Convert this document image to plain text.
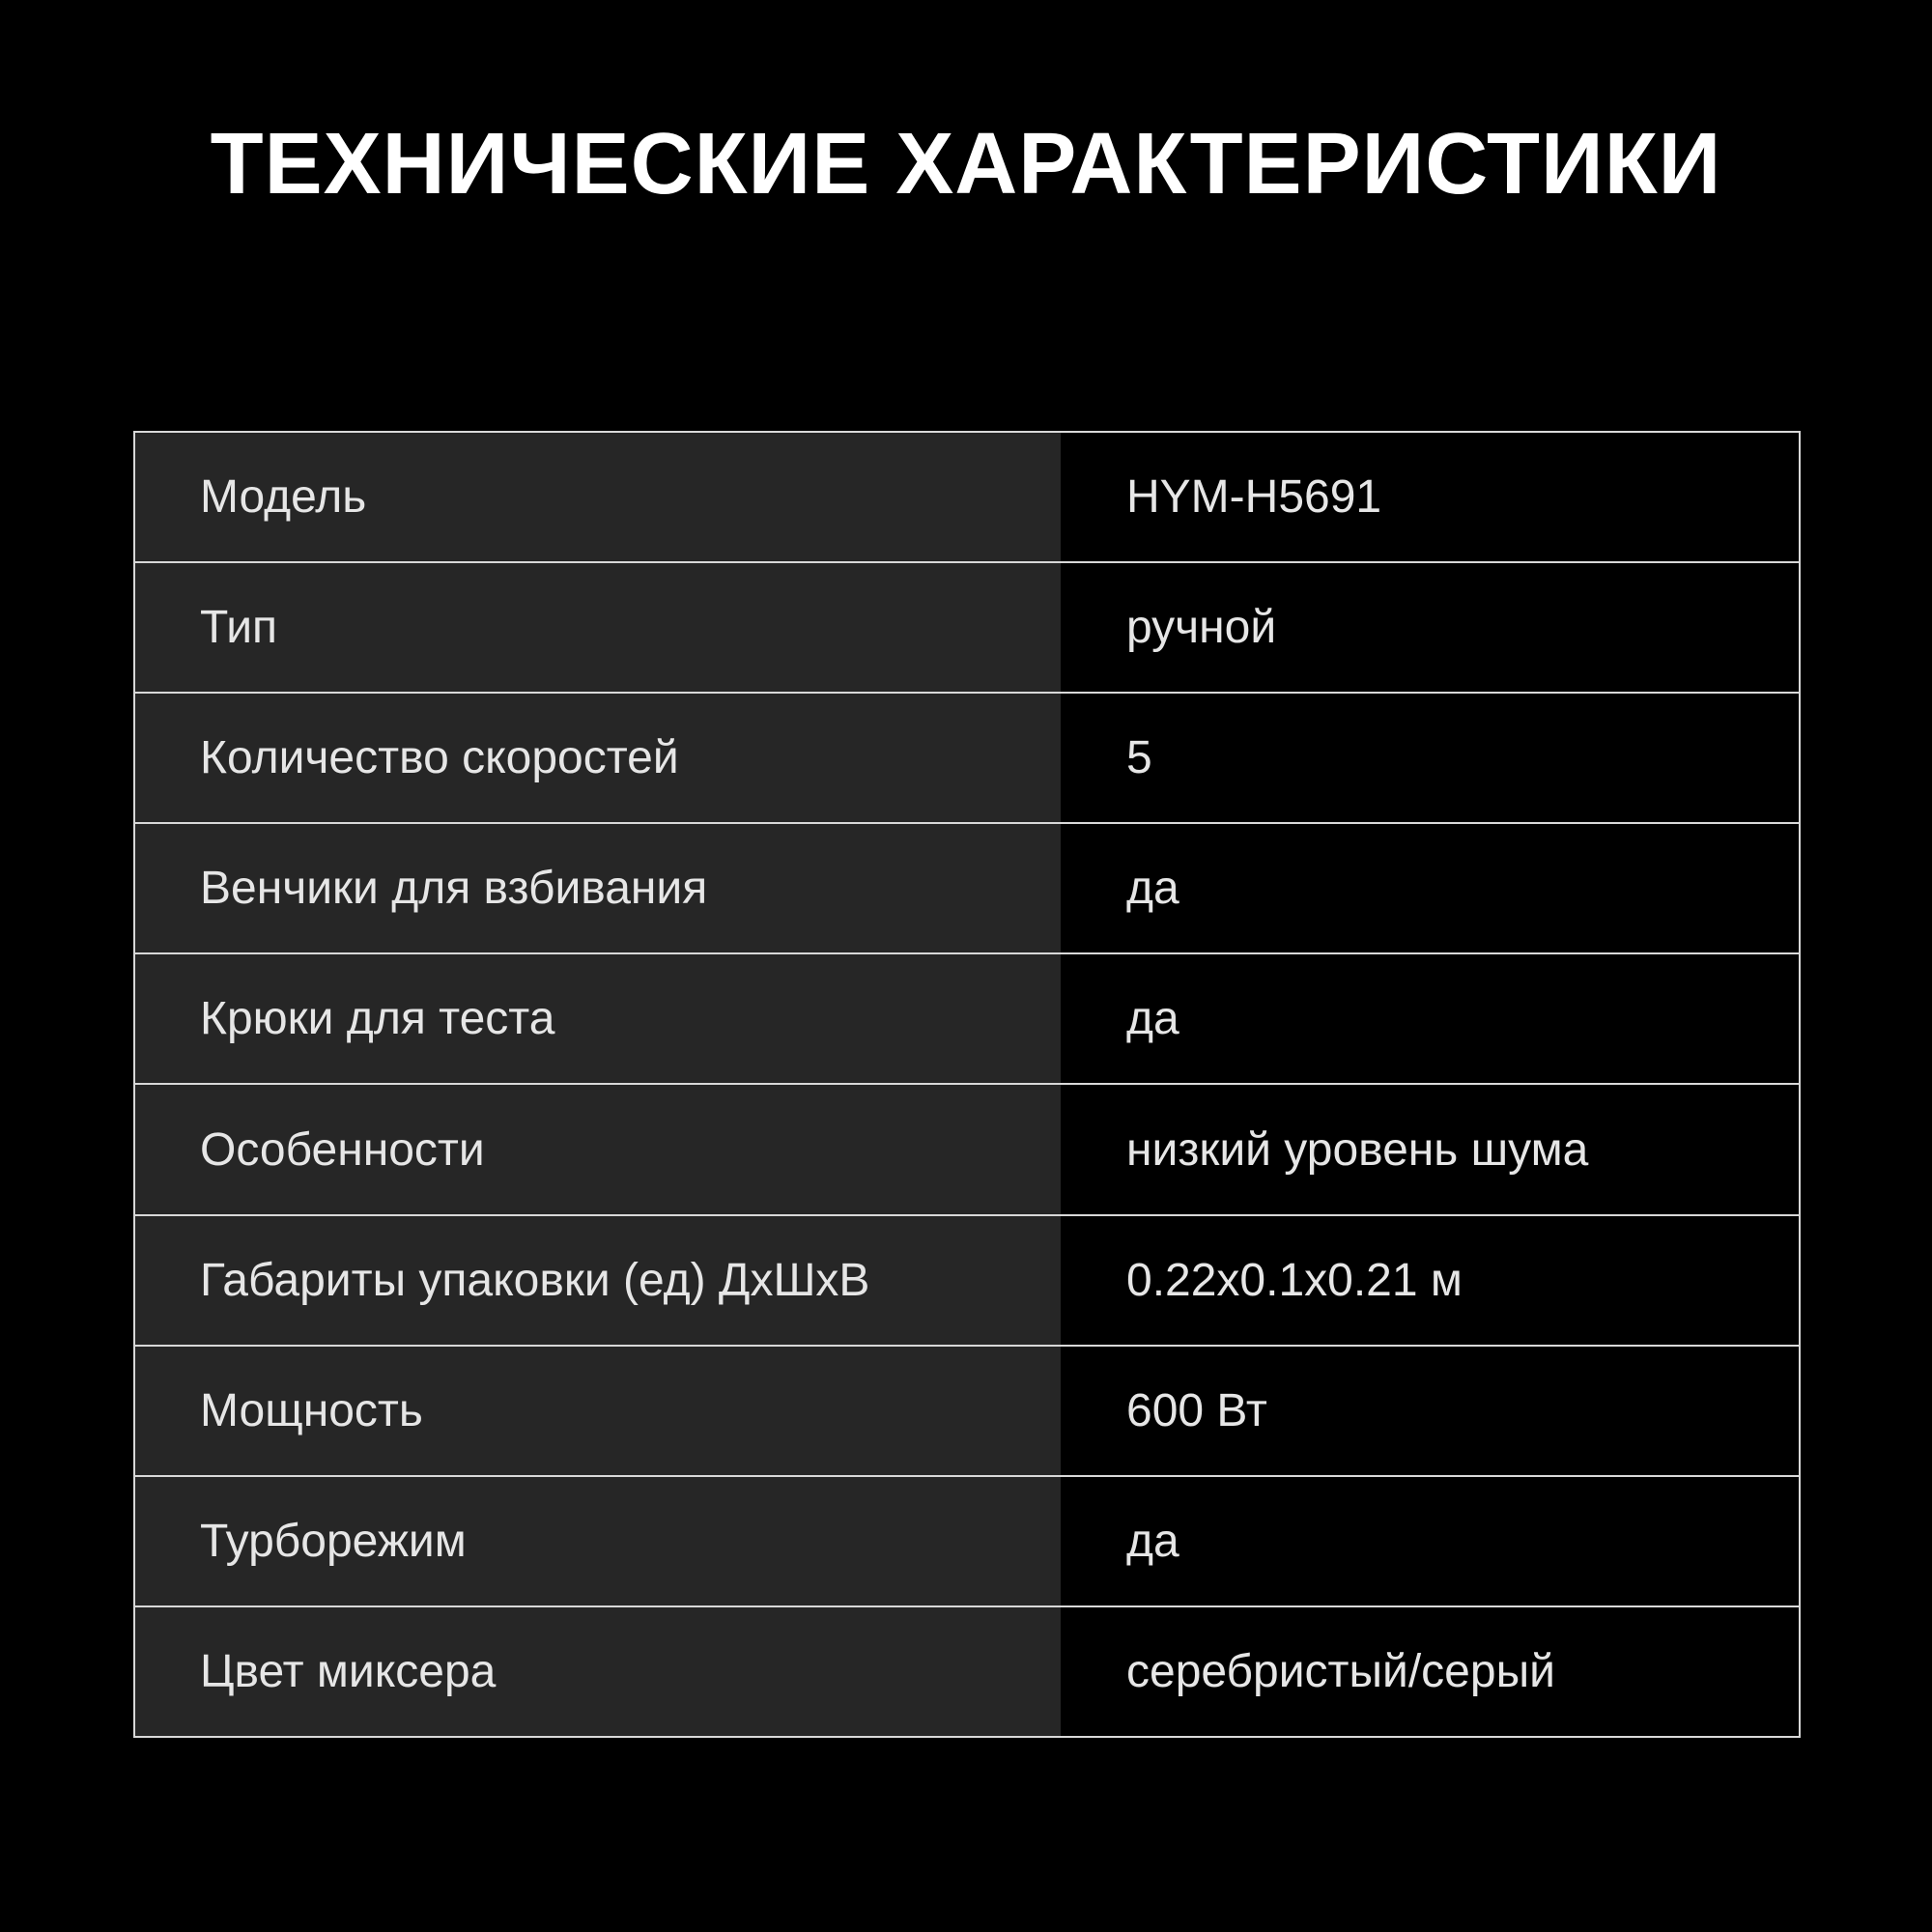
ТЕХНИЧЕСКИЕ ХАРАКТЕРИСТИКИ
Модель	HYM-H5691
Тип	ручной
Количество скоростей	5
Венчики для взбивания	да
Крюки для теста	да
Особенности	низкий уровень шума
Габариты упаковки (ед) ДхШхВ	0.22x0.1x0.21 м
Мощность	600 Вт
Турборежим	да
Цвет миксера	серебристый/серый
